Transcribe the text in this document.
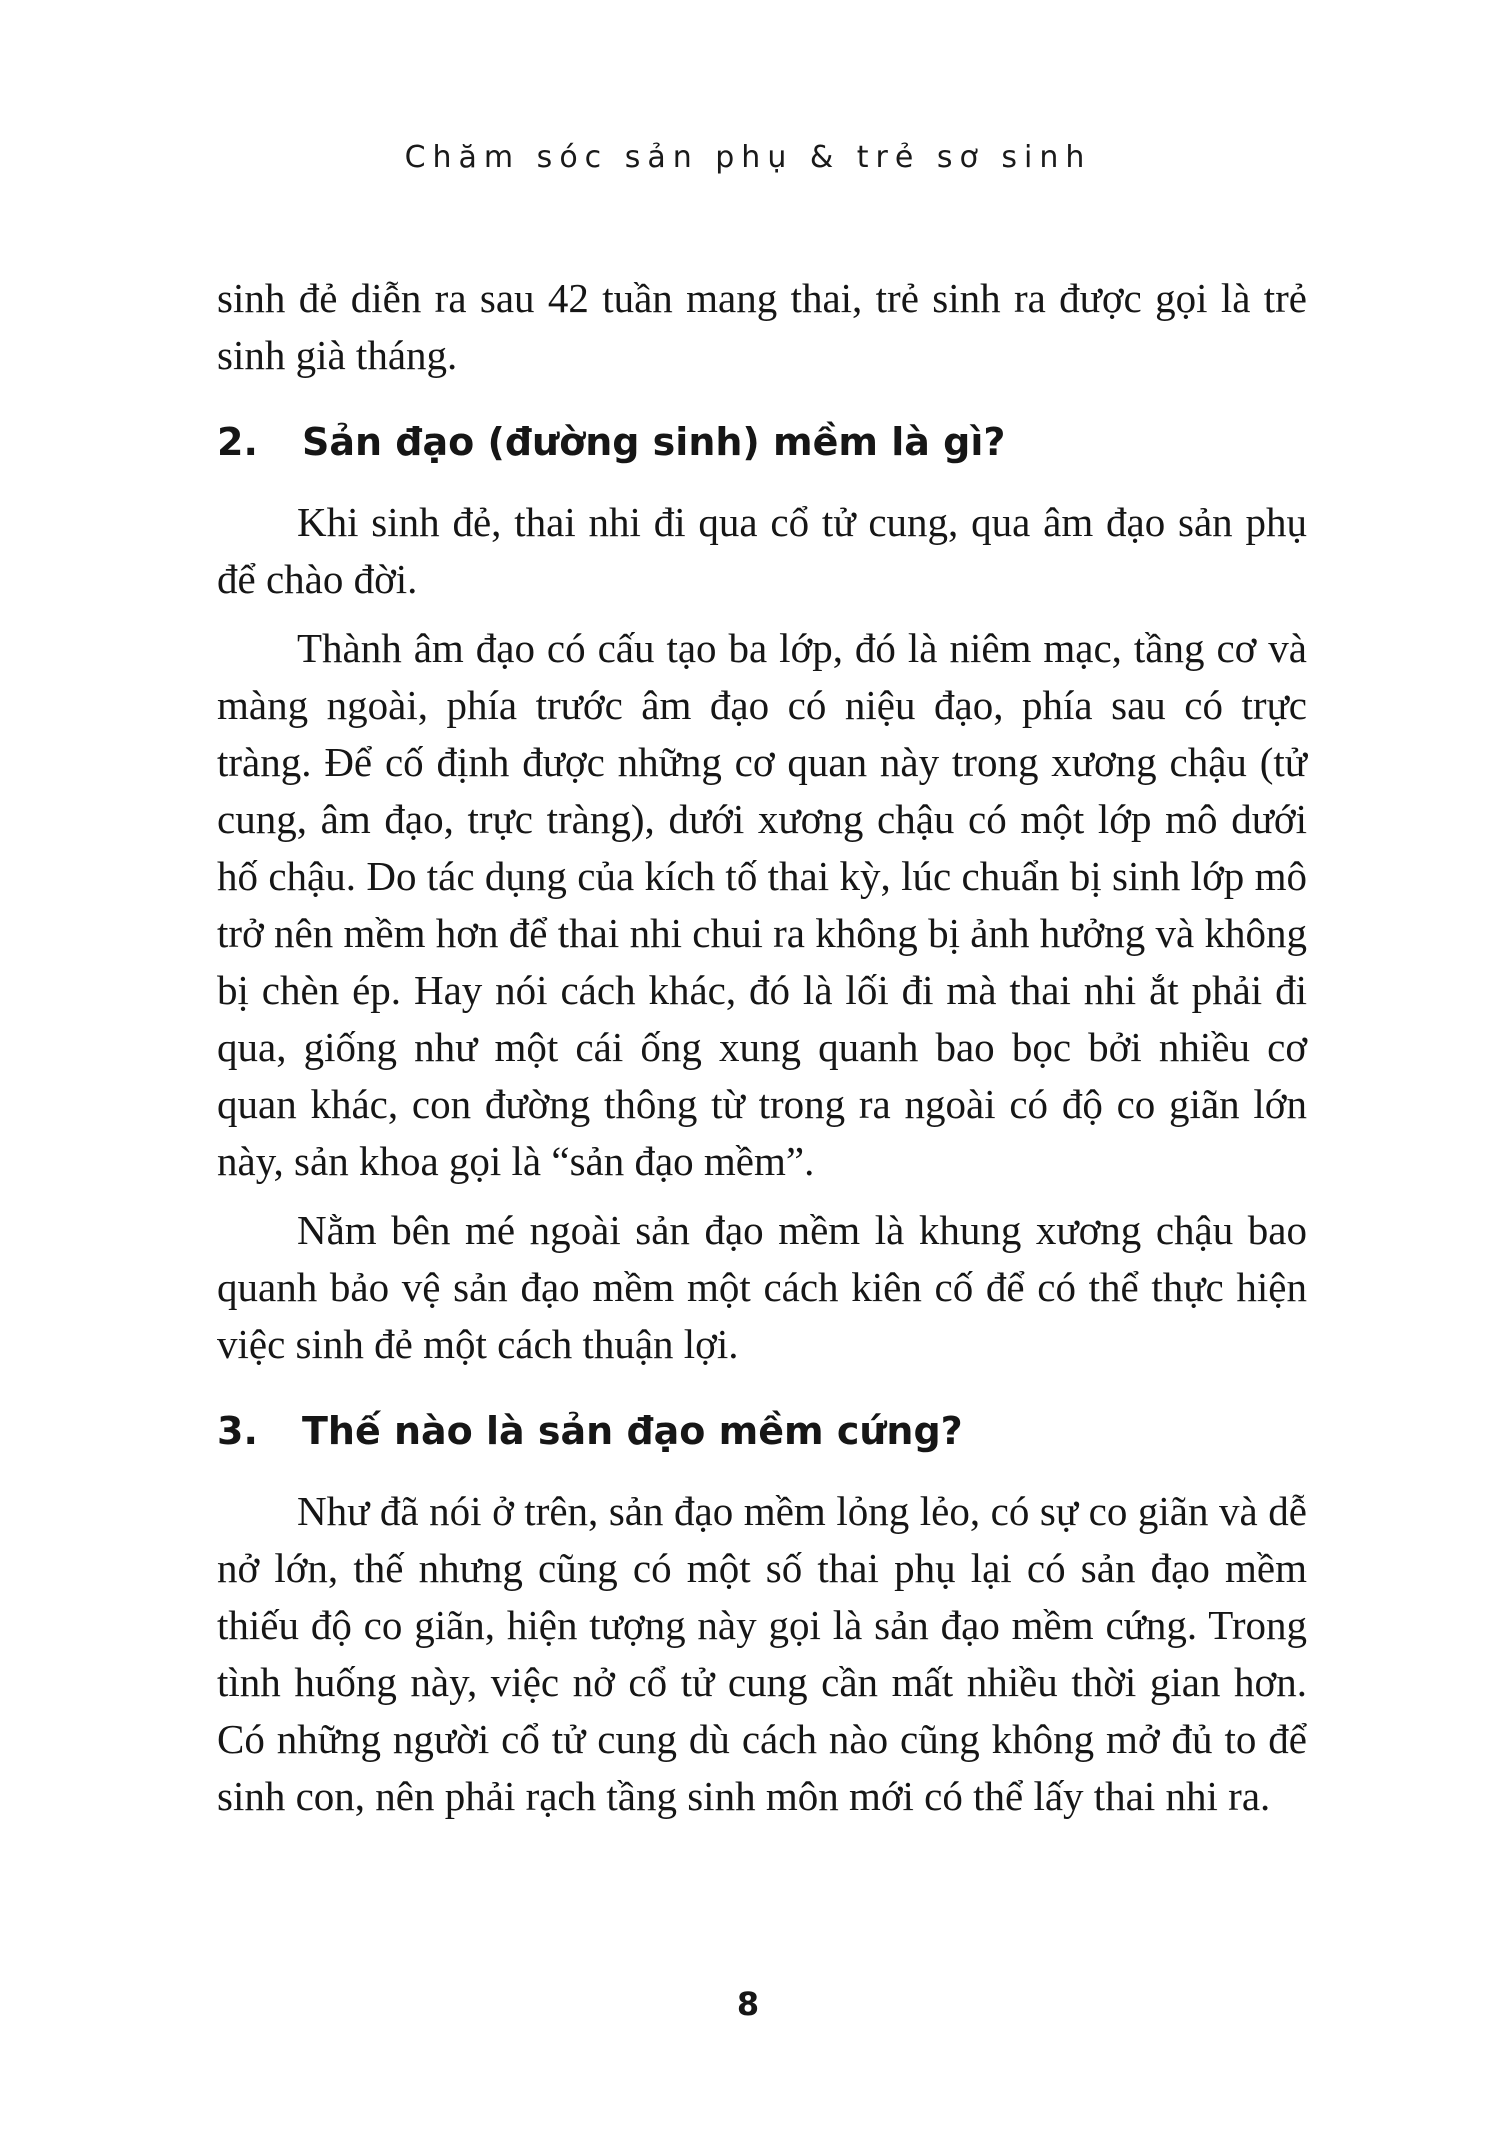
Chăm sóc sản phụ & trẻ sơ sinh

sinh đẻ diễn ra sau 42 tuần mang thai, trẻ sinh ra được gọi là trẻ sinh già tháng.

2.	Sản đạo (đường sinh) mềm là gì?

Khi sinh đẻ, thai nhi đi qua cổ tử cung, qua âm đạo sản phụ để chào đời.

Thành âm đạo có cấu tạo ba lớp, đó là niêm mạc, tầng cơ và màng ngoài, phía trước âm đạo có niệu đạo, phía sau có trực tràng. Để cố định được những cơ quan này trong xương chậu (tử cung, âm đạo, trực tràng), dưới xương chậu có một lớp mô dưới hố chậu. Do tác dụng của kích tố thai kỳ, lúc chuẩn bị sinh lớp mô trở nên mềm hơn để thai nhi chui ra không bị ảnh hưởng và không bị chèn ép. Hay nói cách khác, đó là lối đi mà thai nhi ắt phải đi qua, giống như một cái ống xung quanh bao bọc bởi nhiều cơ quan khác, con đường thông từ trong ra ngoài có độ co giãn lớn này, sản khoa gọi là “sản đạo mềm”.

Nằm bên mé ngoài sản đạo mềm là khung xương chậu bao quanh bảo vệ sản đạo mềm một cách kiên cố để có thể thực hiện việc sinh đẻ một cách thuận lợi.

3.	Thế nào là sản đạo mềm cứng?

Như đã nói ở trên, sản đạo mềm lỏng lẻo, có sự co giãn và dễ nở lớn, thế nhưng cũng có một số thai phụ lại có sản đạo mềm thiếu độ co giãn, hiện tượng này gọi là sản đạo mềm cứng. Trong tình huống này, việc nở cổ tử cung cần mất nhiều thời gian hơn. Có những người cổ tử cung dù cách nào cũng không mở đủ to để sinh con, nên phải rạch tầng sinh môn mới có thể lấy thai nhi ra.

8
